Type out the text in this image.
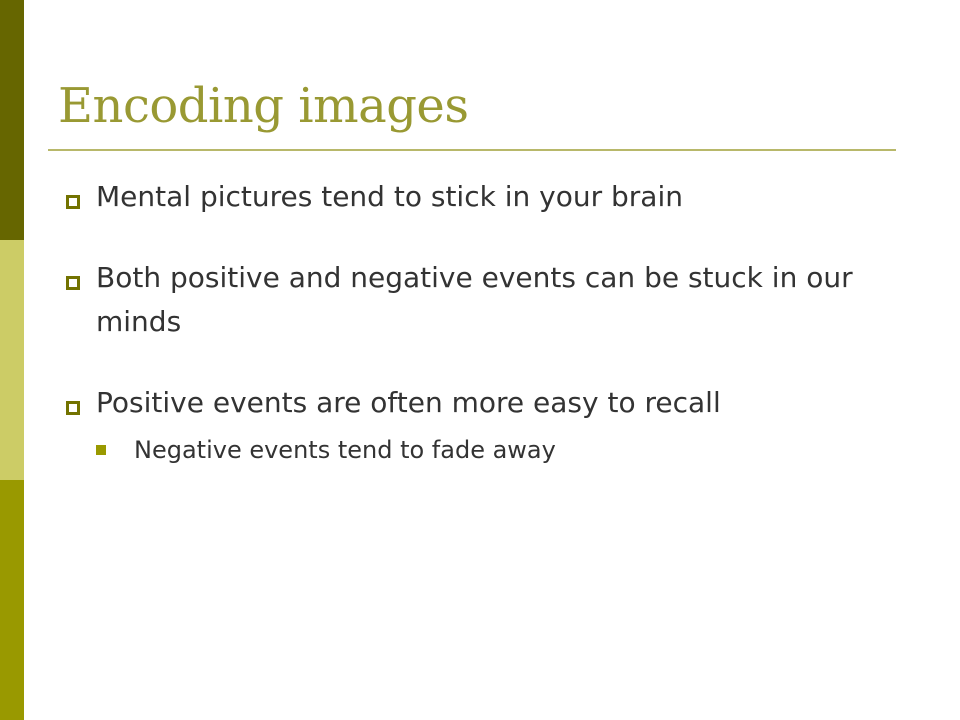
Encoding images
Mental pictures tend to stick in your brain
Both positive and negative events can be stuck in our minds
Positive events are often more easy to recall
Negative events tend to fade away
